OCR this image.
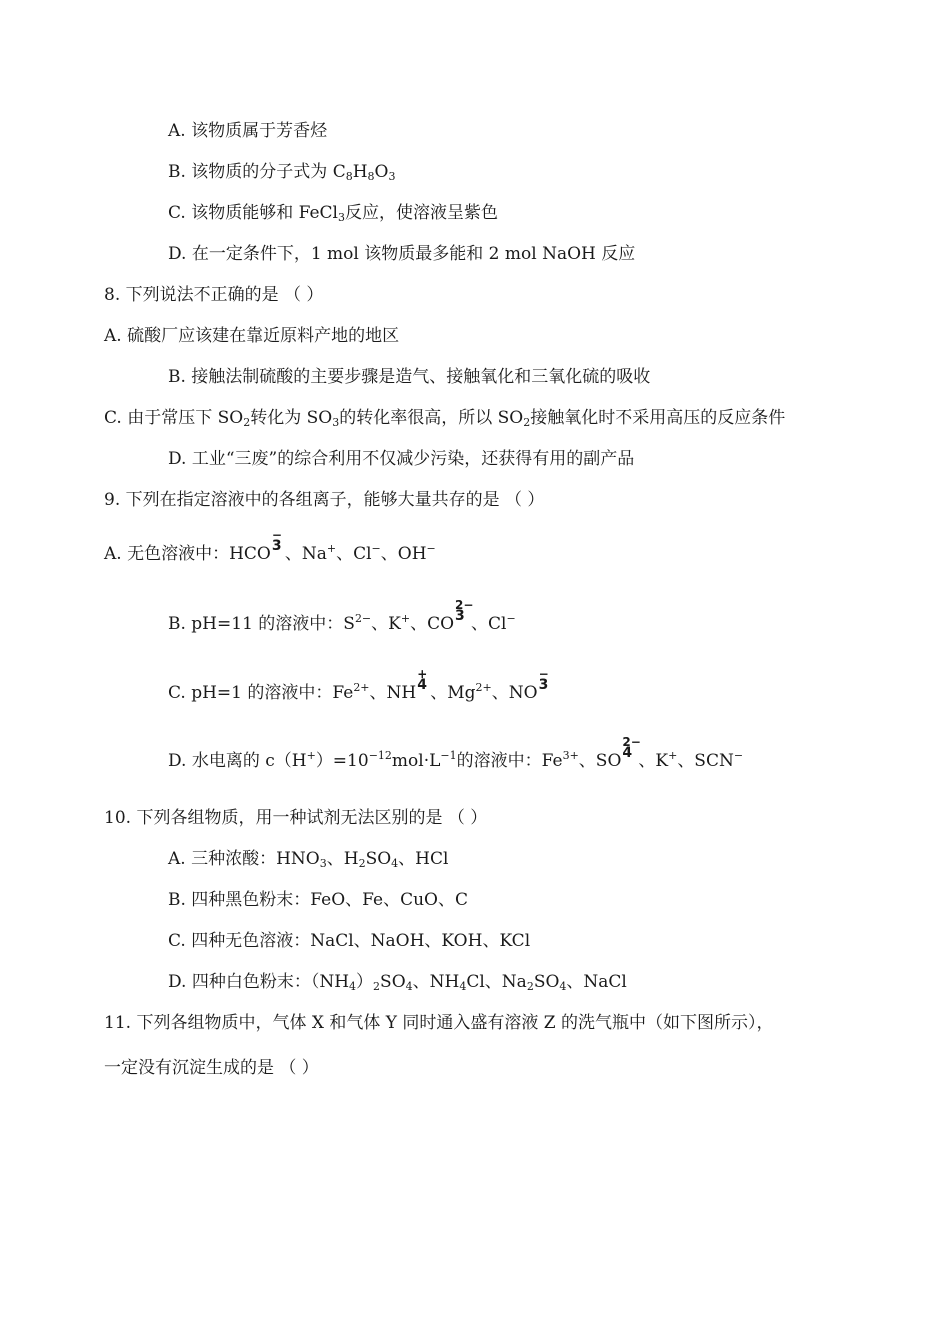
A. 该物质属于芳香烃
B. 该物质的分子式为 $C_8H_8O_3$
C. 该物质能够和 FeCl$_3$反应，使溶液呈紫色
D. 在一定条件下，1 mol 该物质最多能和 2 mol NaOH 反应
8. 下列说法不正确的是 （ ）
A. 硫酸厂应该建在靠近原料产地的地区
B. 接触法制硫酸的主要步骤是造气、接触氧化和三氧化硫的吸收
C. 由于常压下 $SO_2$转化为 $SO_3$的转化率很高，所以 $SO_2$接触氧化时不采用高压的反应条件
D. 工业“三废”的综合利用不仅减少污染，还获得有用的副产品
9. 下列在指定溶液中的各组离子，能够大量共存的是 （ ）
A. 无色溶液中：HCO
−
3 、Na+、Cl−、OH−
B. pH=11 的溶液中：$S^{2-}$、K+、CO
2−
3 、Cl−
C. pH=1 的溶液中：$Fe^{2+}$、NH
+
4 、$Mg^{2+}$、NO
−
3
D. 水电离的 $c(H^+)=10^{-12}mol\cdot L^{-1}$的溶液中：$Fe^{3+}$、SO
2−
4 、K+、SCN−
10. 下列各组物质，用一种试剂无法区别的是 （ ）
A. 三种浓酸：$HNO_3$、$H_2SO_4$、HCl
B. 四种黑色粉末：FeO、Fe、CuO、C
C. 四种无色溶液：NaCl、NaOH、KOH、KCl
D. 四种白色粉末：$(NH_4)_2SO_4$、$NH_4Cl$、$Na_2SO_4$、NaCl
11. 下列各组物质中，气体 X 和气体 Y 同时通入盛有溶液 Z 的洗气瓶中（如下图所示），
一定没有沉淀生成的是 （ ）
